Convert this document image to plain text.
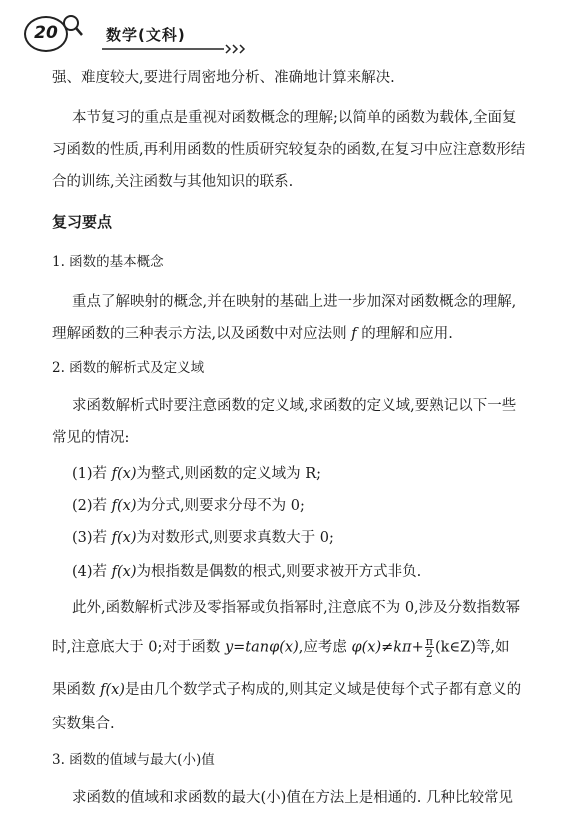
20	数学(文科)
强、难度较大,要进行周密地分析、准确地计算来解决.
本节复习的重点是重视对函数概念的理解;以简单的函数为载体,全面复
习函数的性质,再利用函数的性质研究较复杂的函数,在复习中应注意数形结
合的训练,关注函数与其他知识的联系.
复习要点
1. 函数的基本概念
重点了解映射的概念,并在映射的基础上进一步加深对函数概念的理解,
理解函数的三种表示方法,以及函数中对应法则 f 的理解和应用.
2. 函数的解析式及定义域
求函数解析式时要注意函数的定义域,求函数的定义域,要熟记以下一些
常见的情况:
(1)若 f(x)为整式,则函数的定义域为 R;
(2)若 f(x)为分式,则要求分母不为 0;
(3)若 f(x)为对数形式,则要求真数大于 0;
(4)若 f(x)为根指数是偶数的根式,则要求被开方式非负.
此外,函数解析式涉及零指幂或负指幂时,注意底不为 0,涉及分数指数幂
时,注意底大于 0;对于函数 y=tanφ(x),应考虑 $\varphi(x)\ne k\pi+ \frac{\pi}{2}$ (k∈Z)等,如
果函数 f(x)是由几个数学式子构成的,则其定义域是使每个式子都有意义的
实数集合.
3. 函数的值域与最大(小)值
求函数的值域和求函数的最大(小)值在方法上是相通的. 几种比较常见
